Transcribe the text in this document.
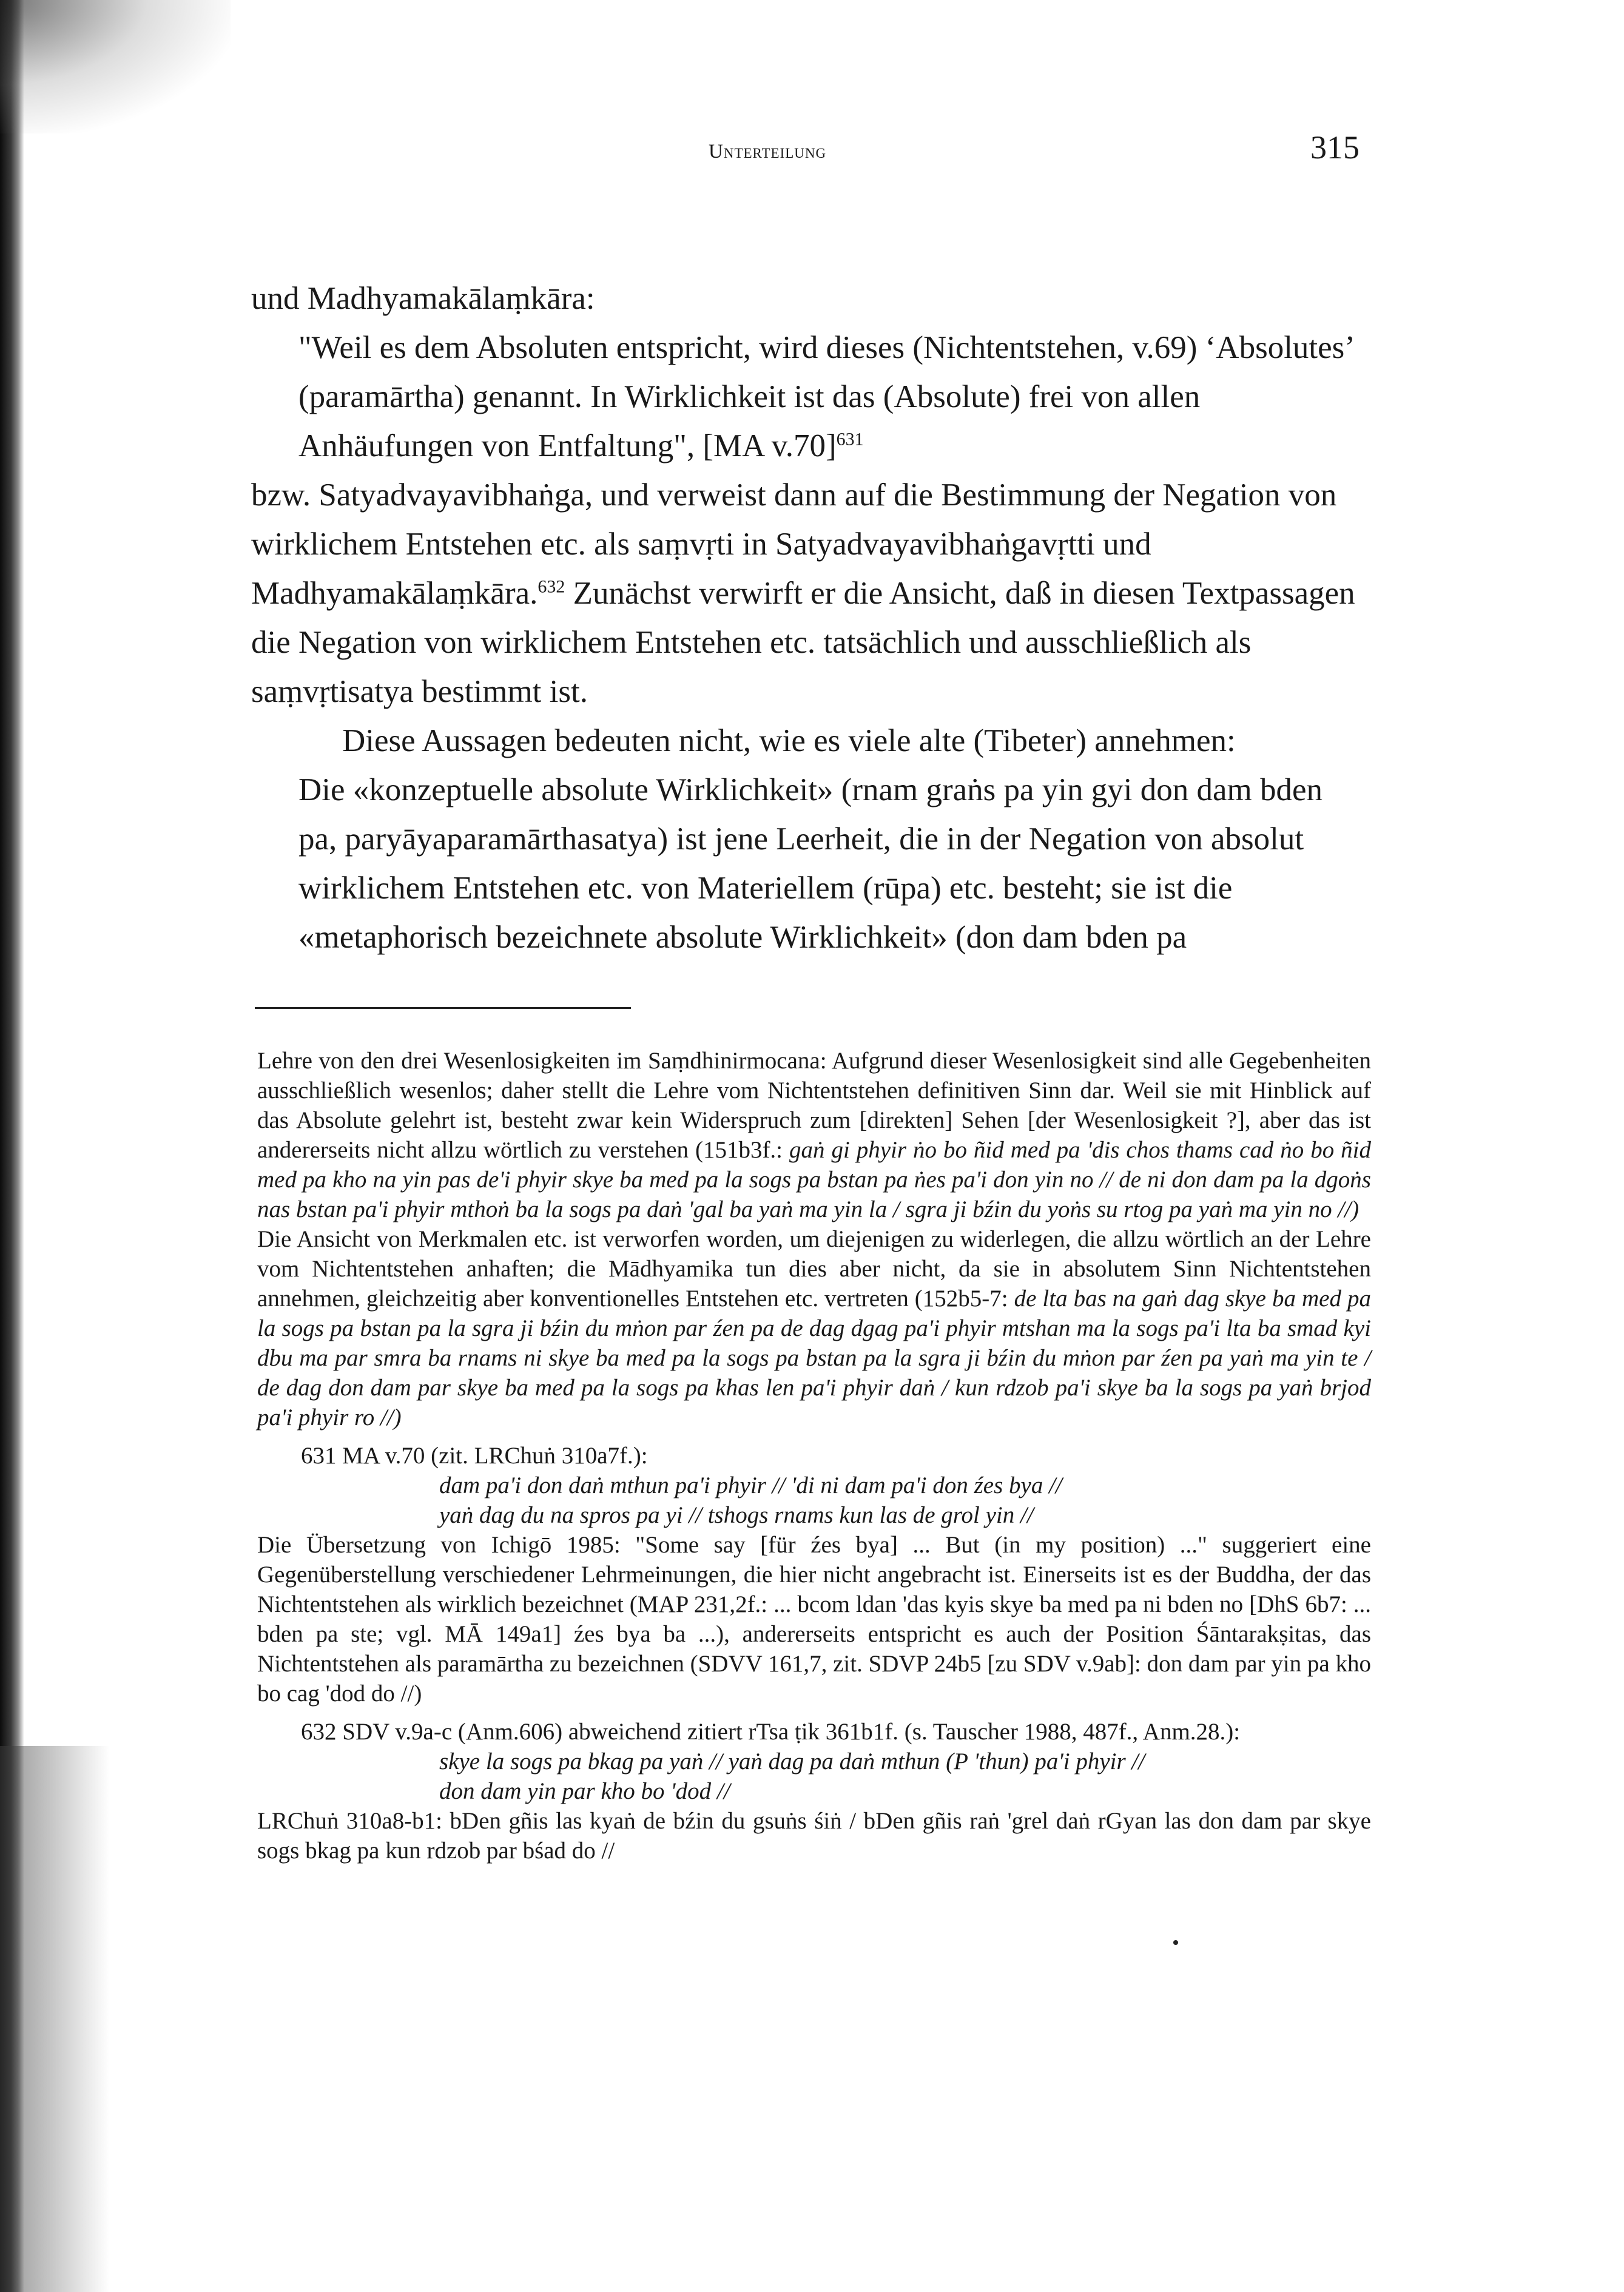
Unterteilung	315

und Madhyamakālaṃkāra:

"Weil es dem Absoluten entspricht, wird dieses (Nichtentstehen, v.69) ‘Absolutes’ (paramārtha) genannt. In Wirklichkeit ist das (Absolute) frei von allen Anhäufungen von Entfaltung", [MA v.70]$^{631}$

bzw. Satyadvayavibhaṅga, und verweist dann auf die Bestimmung der Negation von wirklichem Entstehen etc. als saṃvṛti in Satyadvayavibhaṅgavṛtti und Madhyamakālaṃkāra.$^{632}$ Zunächst verwirft er die Ansicht, daß in diesen Textpassagen die Negation von wirklichem Entstehen etc. tatsächlich und ausschließlich als saṃvṛtisatya bestimmt ist.

Diese Aussagen bedeuten nicht, wie es viele alte (Tibeter) annehmen:

Die «konzeptuelle absolute Wirklichkeit» (rnam graṅs pa yin gyi don dam bden pa, paryāyaparamārthasatya) ist jene Leerheit, die in der Negation von absolut wirklichem Entstehen etc. von Materiellem (rūpa) etc. besteht; sie ist die «metaphorisch bezeichnete absolute Wirklichkeit» (don dam bden pa

Lehre von den drei Wesenlosigkeiten im Saṃdhinirmocana: Aufgrund dieser Wesenlosigkeit sind alle Gegebenheiten ausschließlich wesenlos; daher stellt die Lehre vom Nichtentstehen definitiven Sinn dar. Weil sie mit Hinblick auf das Absolute gelehrt ist, besteht zwar kein Widerspruch zum [direkten] Sehen [der Wesenlosigkeit ?], aber das ist andererseits nicht allzu wörtlich zu verstehen (151b3f.: gaṅ gi phyir ṅo bo ñid med pa 'dis chos thams cad ṅo bo ñid med pa kho na yin pas de'i phyir skye ba med pa la sogs pa bstan pa ṅes pa'i don yin no // de ni don dam pa la dgoṅs nas bstan pa'i phyir mthoṅ ba la sogs pa daṅ 'gal ba yaṅ ma yin la / sgra ji bźin du yoṅs su rtog pa yaṅ ma yin no //)

Die Ansicht von Merkmalen etc. ist verworfen worden, um diejenigen zu widerlegen, die allzu wörtlich an der Lehre vom Nichtentstehen anhaften; die Mādhyamika tun dies aber nicht, da sie in absolutem Sinn Nichtentstehen annehmen, gleichzeitig aber konventionelles Entstehen etc. vertreten (152b5-7: de lta bas na gaṅ dag skye ba med pa la sogs pa bstan pa la sgra ji bźin du mṅon par źen pa de dag dgag pa'i phyir mtshan ma la sogs pa'i lta ba smad kyi dbu ma par smra ba rnams ni skye ba med pa la sogs pa bstan pa la sgra ji bźin du mṅon par źen pa yaṅ ma yin te / de dag don dam par skye ba med pa la sogs pa khas len pa'i phyir daṅ / kun rdzob pa'i skye ba la sogs pa yaṅ brjod pa'i phyir ro //)

631 MA v.70 (zit. LRChuṅ 310a7f.):

dam pa'i don daṅ mthun pa'i phyir // 'di ni dam pa'i don źes bya //

yaṅ dag du na spros pa yi // tshogs rnams kun las de grol yin //

Die Übersetzung von Ichigō 1985: "Some say [für źes bya] ... But (in my position) ..." suggeriert eine Gegenüberstellung verschiedener Lehrmeinungen, die hier nicht angebracht ist. Einerseits ist es der Buddha, der das Nichtentstehen als wirklich bezeichnet (MAP 231,2f.: ... bcom ldan 'das kyis skye ba med pa ni bden no [DhS 6b7: ... bden pa ste; vgl. MĀ 149a1] źes bya ba ...), andererseits entspricht es auch der Position Śāntarakṣitas, das Nichtentstehen als paramārtha zu bezeichnen (SDVV 161,7, zit. SDVP 24b5 [zu SDV v.9ab]: don dam par yin pa kho bo cag 'dod do //)

632 SDV v.9a-c (Anm.606) abweichend zitiert rTsa ṭik 361b1f. (s. Tauscher 1988, 487f., Anm.28.):

skye la sogs pa bkag pa yaṅ // yaṅ dag pa daṅ mthun (P 'thun) pa'i phyir //

don dam yin par kho bo 'dod //

LRChuṅ 310a8-b1: bDen gñis las kyaṅ de bźin du gsuṅs śiṅ / bDen gñis raṅ 'grel daṅ rGyan las don dam par skye sogs bkag pa kun rdzob par bśad do //
